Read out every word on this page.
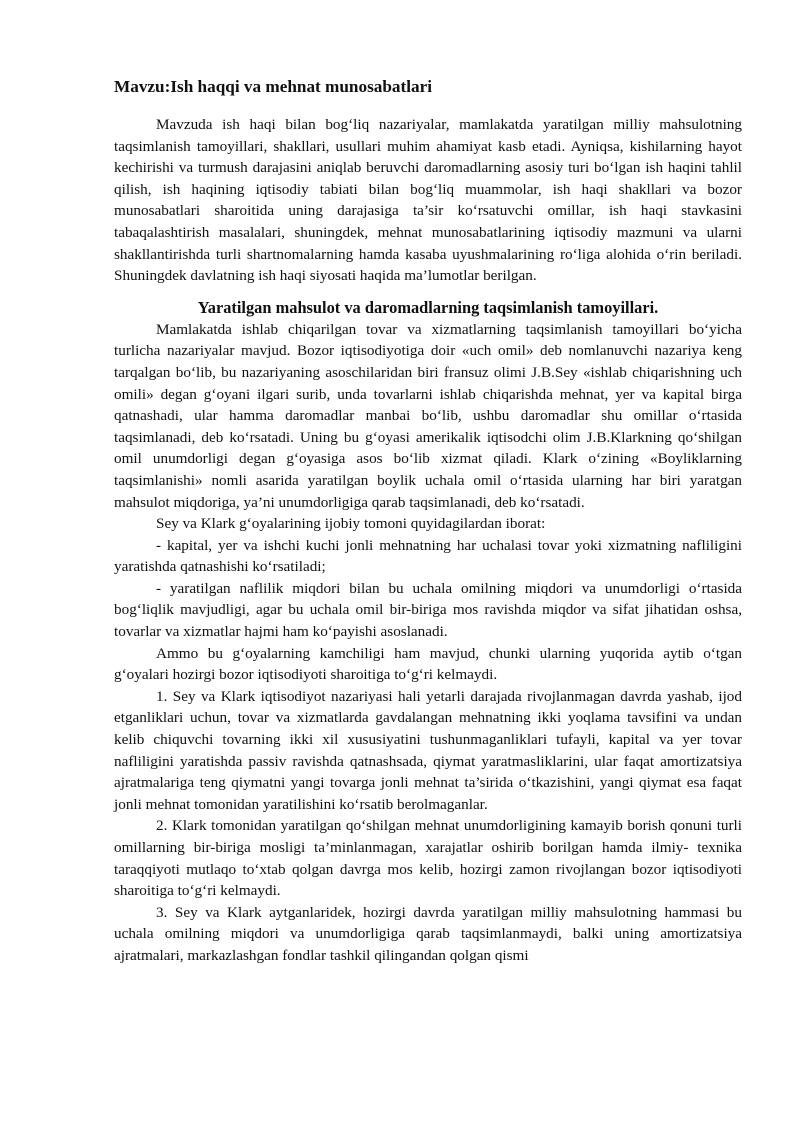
Mavzu:Ish haqqi va mehnat munosabatlari

Mavzuda ish haqi bilan bog‘liq nazariyalar, mamlakatda yaratilgan milliy mahsulotning taqsimlanish tamoyillari, shakllari, usullari muhim ahamiyat kasb etadi. Ayniqsa, kishilarning hayot kechirishi va turmush darajasini aniqlab beruvchi daromadlarning asosiy turi bo‘lgan ish haqini tahlil qilish, ish haqining iqtisodiy tabiati bilan bog‘liq muammolar, ish haqi shakllari va bozor munosabatlari sharoitida uning darajasiga ta’sir ko‘rsatuvchi omillar, ish haqi stavkasini tabaqalashtirish masalalari, shuningdek, mehnat munosabatlarining iqtisodiy mazmuni va ularni shakllantirishda turli shartnomalarning hamda kasaba uyushmalarining ro‘liga alohida o‘rin beriladi. Shuningdek davlatning ish haqi siyosati haqida ma’lumotlar berilgan.

Yaratilgan mahsulot va daromadlarning taqsimlanish tamoyillari.

Mamlakatda ishlab chiqarilgan tovar va xizmatlarning taqsimlanish tamoyillari bo‘yicha turlicha nazariyalar mavjud. Bozor iqtisodiyotiga doir «uch omil» deb nomlanuvchi nazariya keng tarqalgan bo‘lib, bu nazariyaning asoschilaridan biri fransuz olimi J.B.Sey «ishlab chiqarishning uch omili» degan g‘oyani ilgari surib, unda tovarlarni ishlab chiqarishda mehnat, yer va kapital birga qatnashadi, ular hamma daromadlar manbai bo‘lib, ushbu daromadlar shu omillar o‘rtasida taqsimlanadi, deb ko‘rsatadi. Uning bu g‘oyasi amerikalik iqtisodchi olim J.B.Klarkning qo‘shilgan omil unumdorligi degan g‘oyasiga asos bo‘lib xizmat qiladi. Klark o‘zining «Boyliklarning taqsimlanishi» nomli asarida yaratilgan boylik uchala omil o‘rtasida ularning har biri yaratgan mahsulot miqdoriga, ya’ni unumdorligiga qarab taqsimlanadi, deb ko‘rsatadi.

Sey va Klark g‘oyalarining ijobiy tomoni quyidagilardan iborat:

- kapital, yer va ishchi kuchi jonli mehnatning har uchalasi tovar yoki xizmatning nafliligini yaratishda qatnashishi ko‘rsatiladi;

- yaratilgan naflilik miqdori bilan bu uchala omilning miqdori va unumdorligi o‘rtasida bog‘liqlik mavjudligi, agar bu uchala omil bir-biriga mos ravishda miqdor va sifat jihatidan oshsa, tovarlar va xizmatlar hajmi ham ko‘payishi asoslanadi.

Ammo bu g‘oyalarning kamchiligi ham mavjud, chunki ularning yuqorida aytib o‘tgan g‘oyalari hozirgi bozor iqtisodiyoti sharoitiga to‘g‘ri kelmaydi.

1. Sey va Klark iqtisodiyot nazariyasi hali yetarli darajada rivojlanmagan davrda yashab, ijod etganliklari uchun, tovar va xizmatlarda gavdalangan mehnatning ikki yoqlama tavsifini va undan kelib chiquvchi tovarning ikki xil xususiyatini tushunmaganliklari tufayli, kapital va yer tovar nafliligini yaratishda passiv ravishda qatnashsada, qiymat yaratmasliklarini, ular faqat amortizatsiya ajratmalariga teng qiymatni yangi tovarga jonli mehnat ta’sirida o‘tkazishini, yangi qiymat esa faqat jonli mehnat tomonidan yaratilishini ko‘rsatib berolmaganlar.

2. Klark tomonidan yaratilgan qo‘shilgan mehnat unumdorligining kamayib borish qonuni turli omillarning bir-biriga mosligi ta’minlanmagan, xarajatlar oshirib borilgan hamda ilmiy- texnika taraqqiyoti mutlaqo to‘xtab qolgan davrga mos kelib, hozirgi zamon rivojlangan bozor iqtisodiyoti sharoitiga to‘g‘ri kelmaydi.

3. Sey va Klark aytganlaridek, hozirgi davrda yaratilgan milliy mahsulotning hammasi bu uchala omilning miqdori va unumdorligiga qarab taqsimlanmaydi, balki uning amortizatsiya ajratmalari, markazlashgan fondlar tashkil qilingandan qolgan qismi
